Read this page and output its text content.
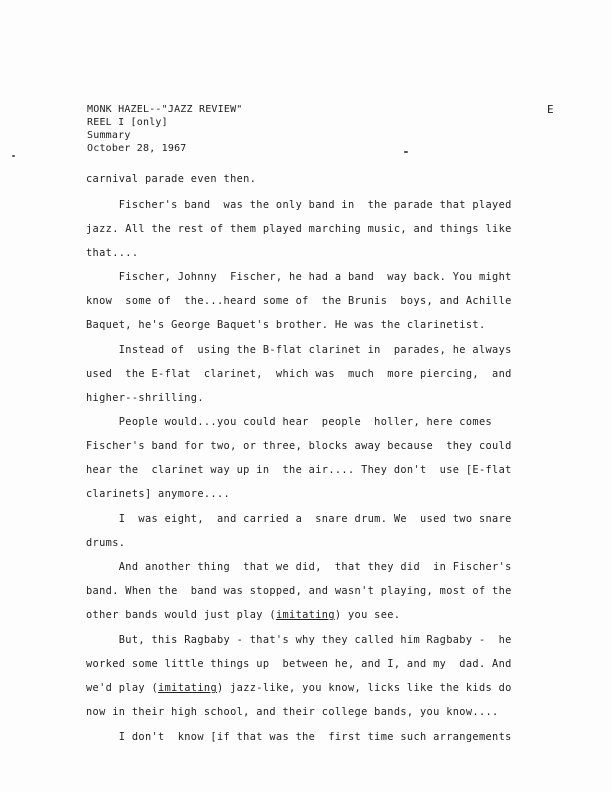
MONK HAZEL--"JAZZ REVIEW"
REEL I [only]
Summary
October 28, 1967
E
carnival parade even then.
Fischer's band  was the only band in  the parade that played
jazz. All the rest of them played marching music, and things like
that....
Fischer, Johnny  Fischer, he had a band  way back. You might
know  some of  the...heard some of  the Brunis  boys, and Achille
Baquet, he's George Baquet's brother. He was the clarinetist.
Instead of  using the B-flat clarinet in  parades, he always
used  the E-flat  clarinet,  which was  much  more piercing,  and
higher--shrilling.
People would...you could hear  people  holler, here comes
Fischer's band for two, or three, blocks away because  they could
hear the  clarinet way up in  the air.... They don't  use [E-flat
clarinets] anymore....
I  was eight,  and carried a  snare drum. We  used two snare
drums.
And another thing  that we did,  that they did  in Fischer's
band. When the  band was stopped, and wasn't playing, most of the
other bands would just play (imitating) you see.
But, this Ragbaby - that's why they called him Ragbaby -  he
worked some little things up  between he, and I, and my  dad. And
we'd play (imitating) jazz-like, you know, licks like the kids do
now in their high school, and their college bands, you know....
I don't  know [if that was the  first time such arrangements
